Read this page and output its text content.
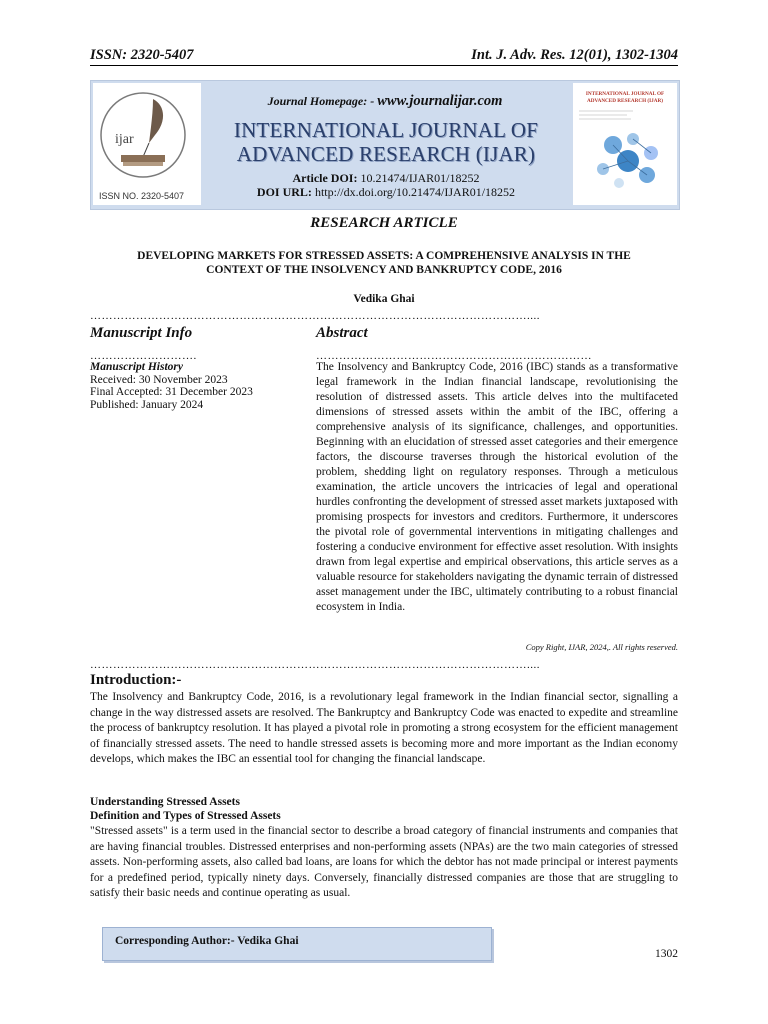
ISSN: 2320-5407	Int. J. Adv. Res. 12(01), 1302-1304
ijar
ISSN NO. 2320-5407
Journal Homepage: - www.journalijar.com
INTERNATIONAL JOURNAL OF
ADVANCED RESEARCH (IJAR)
Article DOI: 10.21474/IJAR01/18252
DOI URL: http://dx.doi.org/10.21474/IJAR01/18252
INTERNATIONAL JOURNAL OF
ADVANCED RESEARCH (IJAR)
RESEARCH ARTICLE
DEVELOPING MARKETS FOR STRESSED ASSETS: A COMPREHENSIVE ANALYSIS IN THE
CONTEXT OF THE INSOLVENCY AND BANKRUPTCY CODE, 2016
Vedika Ghai
……………………………………………………………………………………………………....
Manuscript Info	Abstract
……………………….	………………………………………………………………
Manuscript History
Received: 30 November 2023
Final Accepted: 31 December 2023
Published: January 2024
The Insolvency and Bankruptcy Code, 2016 (IBC) stands as a transformative legal framework in the Indian financial landscape, revolutionising the resolution of distressed assets. This article delves into the multifaceted dimensions of stressed assets within the ambit of the IBC, offering a comprehensive analysis of its significance, challenges, and opportunities. Beginning with an elucidation of stressed asset categories and their emergence factors, the discourse traverses through the historical evolution of the problem, shedding light on regulatory responses. Through a meticulous examination, the article uncovers the intricacies of legal and operational hurdles confronting the development of stressed asset markets juxtaposed with promising prospects for investors and creditors. Furthermore, it underscores the pivotal role of governmental interventions in mitigating challenges and fostering a conducive environment for effective asset resolution. With insights drawn from legal expertise and empirical observations, this article serves as a valuable resource for stakeholders navigating the dynamic terrain of distressed asset management under the IBC, ultimately contributing to a robust financial ecosystem in India.
Copy Right, IJAR, 2024,. All rights reserved.
……………………………………………………………………………………………………....
Introduction:-
The Insolvency and Bankruptcy Code, 2016, is a revolutionary legal framework in the Indian financial sector, signalling a change in the way distressed assets are resolved. The Bankruptcy and Bankruptcy Code was enacted to expedite and streamline the process of bankruptcy resolution. It has played a pivotal role in promoting a strong ecosystem for the efficient management of financially stressed assets. The need to handle stressed assets is becoming more and more important as the Indian economy develops, which makes the IBC an essential tool for changing the financial landscape.
Understanding Stressed Assets
Definition and Types of Stressed Assets
"Stressed assets" is a term used in the financial sector to describe a broad category of financial instruments and companies that are having financial troubles. Distressed enterprises and non-performing assets (NPAs) are the two main categories of stressed assets. Non-performing assets, also called bad loans, are loans for which the debtor has not made principal or interest payments for a predefined period, typically ninety days. Conversely, financially distressed companies are those that are struggling to satisfy their basic needs and continue operating as usual.
Corresponding Author:- Vedika Ghai
1302
